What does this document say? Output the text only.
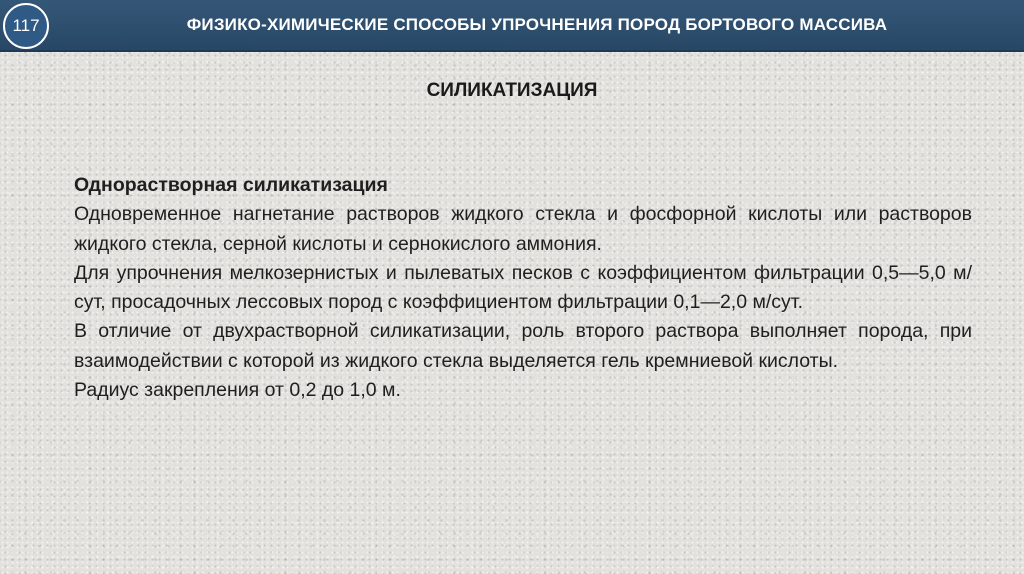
117	ФИЗИКО-ХИМИЧЕСКИЕ СПОСОБЫ УПРОЧНЕНИЯ ПОРОД БОРТОВОГО МАССИВА
СИЛИКАТИЗАЦИЯ

Однорастворная силикатизация

Одновременное нагнетание растворов жидкого стекла и фосфорной кислоты или растворов жидкого стекла, серной кислоты и сернокислого аммония.

Для упрочнения мелкозернистых и пылеватых песков с коэффициентом фильтрации 0,5—5,0 м/сут, просадочных лессовых пород с коэффициентом фильтрации 0,1—2,0 м/сут.

В отличие от двухрастворной силикатизации, роль второго раствора выполняет порода, при взаимодействии с которой из жидкого стекла выделяется гель кремниевой кислоты.

Радиус закрепления от 0,2 до 1,0 м.
